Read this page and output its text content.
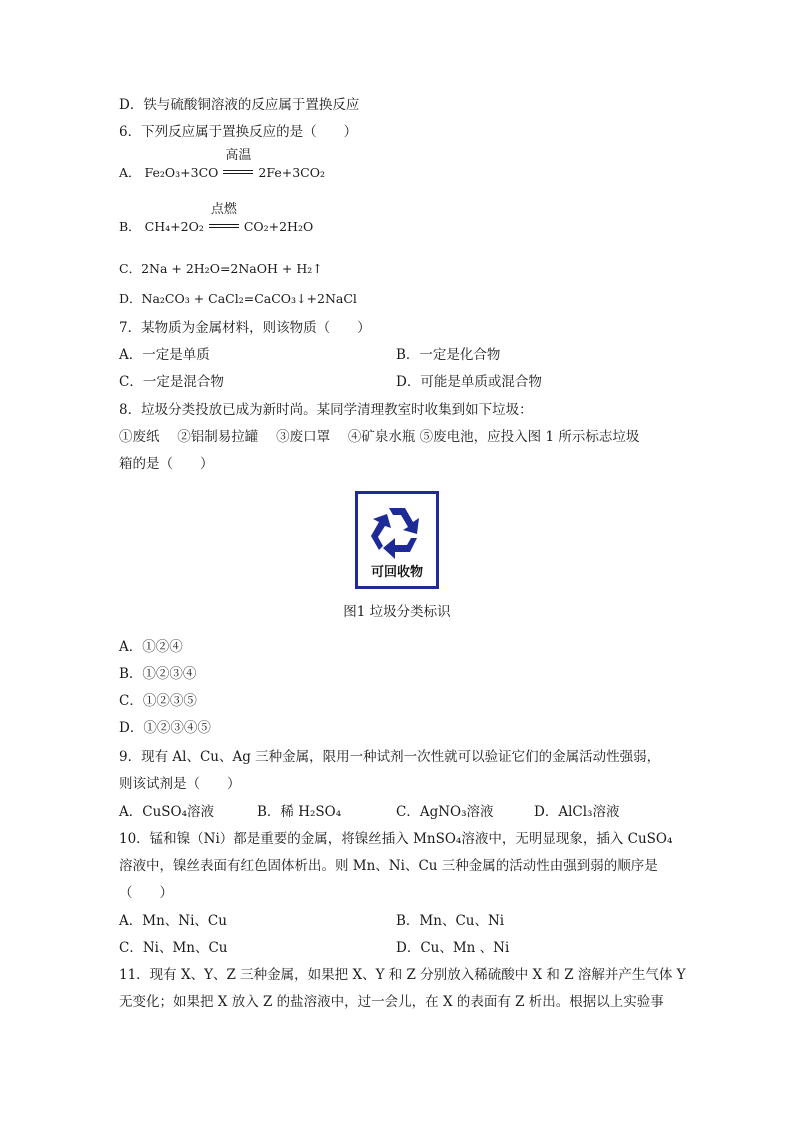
D．铁与硫酸铜溶液的反应属于置换反应
6．下列反应属于置换反应的是（　　）
A． Fe₂O₃+3CO
高温
2Fe+3CO₂
B． CH₄+2O₂
点燃
CO₂+2H₂O
C．2Na + 2H₂O=2NaOH + H₂↑
D．Na₂CO₃ + CaCl₂=CaCO₃↓+2NaCl
7．某物质为金属材料，则该物质（　　）
A．一定是单质	B．一定是化合物
C．一定是混合物	D．可能是单质或混合物
8．垃圾分类投放已成为新时尚。某同学清理教室时收集到如下垃圾：
①废纸　 ②铝制易拉罐　 ③废口罩　 ④矿泉水瓶 ⑤废电池，应投入图 1 所示标志垃圾
箱的是（　　）
可回收物
图1 垃圾分类标识
A．①②④
B．①②③④
C．①②③⑤
D．①②③④⑤
9．现有 Al、Cu、Ag 三种金属，限用一种试剂一次性就可以验证它们的金属活动性强弱，
则该试剂是（　　）
A．CuSO₄溶液	B．稀 H₂SO₄	C．AgNO₃溶液	D．AlCl₃溶液
10．锰和镍（Ni）都是重要的金属，将镍丝插入 MnSO₄溶液中，无明显现象，插入 CuSO₄
溶液中，镍丝表面有红色固体析出。则 Mn、Ni、Cu 三种金属的活动性由强到弱的顺序是
（　　）
A．Mn、Ni、Cu	B．Mn、Cu、Ni
C．Ni、Mn、Cu	D．Cu、Mn 、Ni
11．现有 X、Y、Z 三种金属，如果把 X、Y 和 Z 分别放入稀硫酸中 X 和 Z 溶解并产生气体 Y
无变化；如果把 X 放入 Z 的盐溶液中，过一会儿，在 X 的表面有 Z 析出。根据以上实验事
